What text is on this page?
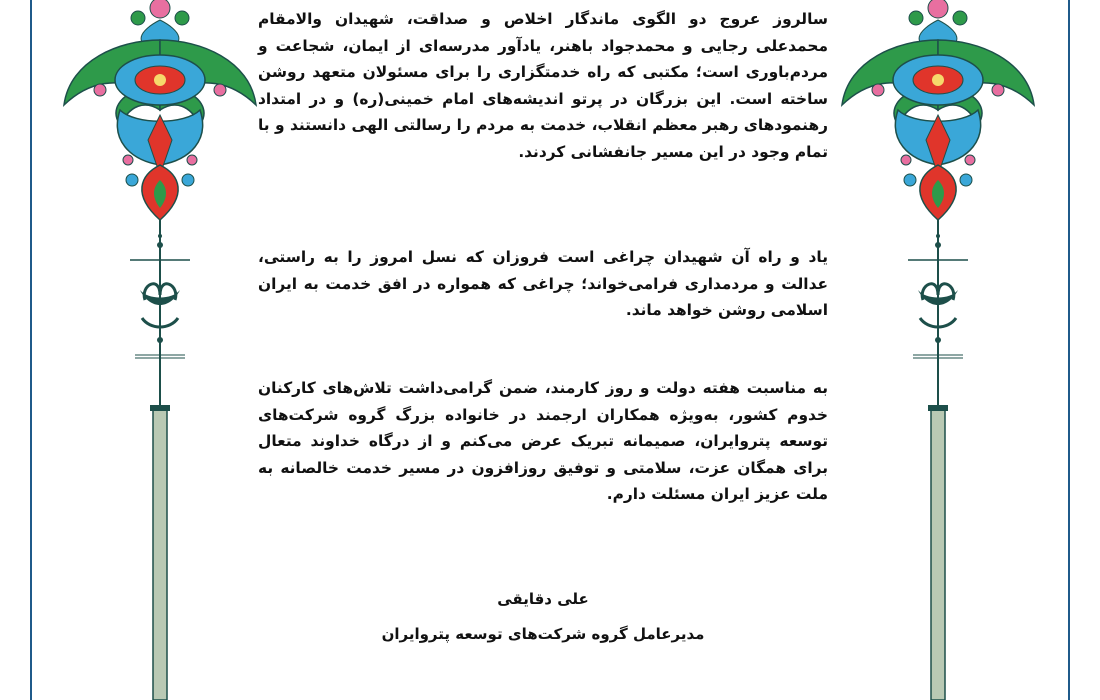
سالروز عروج دو الگوی ماندگار اخلاص و صداقت، شهیدان والامقام محمدعلی رجایی و محمدجواد باهنر، یادآور مدرسه‌ای از ایمان، شجاعت و مردم‌باوری است؛ مکتبی که راه خدمتگزاری را برای مسئولان متعهد روشن ساخته است. این بزرگان در پرتو اندیشه‌های امام خمینی(ره) و در امتداد رهنمودهای رهبر معظم انقلاب، خدمت به مردم را رسالتی الهی دانستند و با تمام وجود در این مسیر جانفشانی کردند.

یاد و راه آن شهیدان چراغی است فروزان که نسل امروز را به راستی، عدالت و مردمداری فرامی‌خواند؛ چراغی که همواره در افق خدمت به ایران اسلامی روشن خواهد ماند.

به مناسبت هفته دولت و روز کارمند، ضمن گرامی‌داشت تلاش‌های کارکنان خدوم کشور، به‌ویژه همکاران ارجمند در خانواده بزرگ گروه شرکت‌های توسعه پتروایران، صمیمانه تبریک عرض می‌کنم و از درگاه خداوند متعال برای همگان عزت، سلامتی و توفیق روزافزون در مسیر خدمت خالصانه به ملت عزیز ایران مسئلت دارم.

علی دقایقی
مدیرعامل گروه شرکت‌های توسعه پتروایران
